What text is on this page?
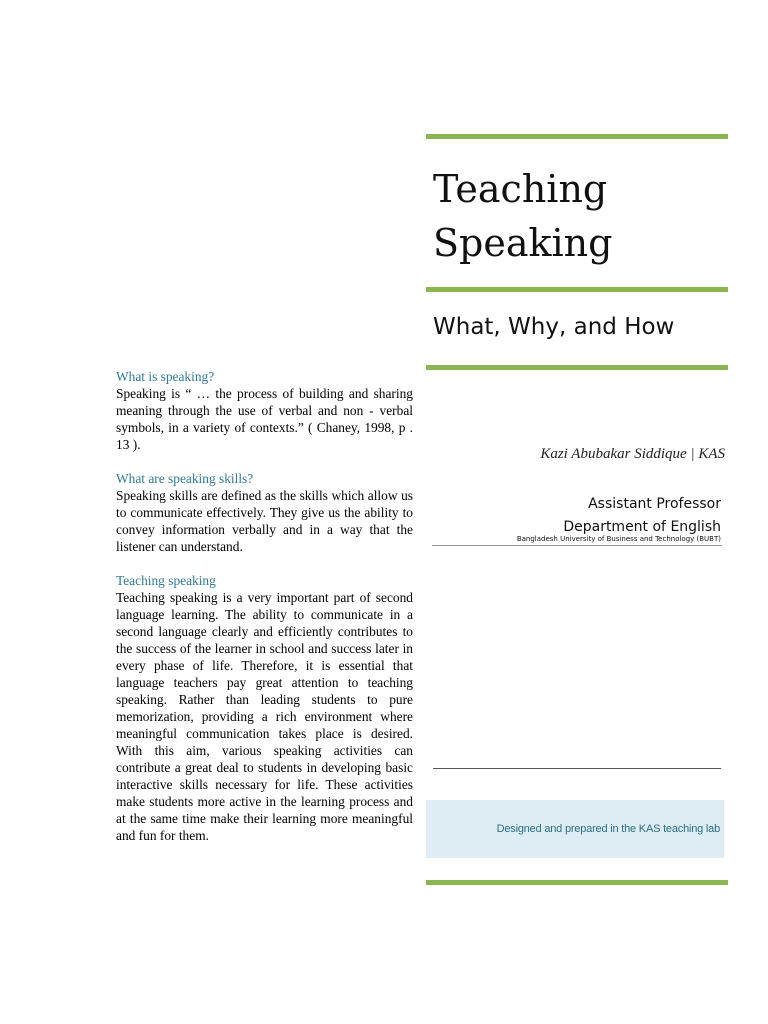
Teaching
Speaking
What, Why, and How
Kazi Abubakar Siddique | KAS
Assistant Professor
Department of English
Bangladesh University of Business and Technology (BUBT)
Designed and prepared in the KAS teaching lab
What is speaking?

Speaking is “ … the process of building and sharing meaning through the use of verbal and non - verbal symbols, in a variety of contexts.” ( Chaney, 1998, p . 13 ).

What are speaking skills?

Speaking skills are defined as the skills which allow us to communicate effectively. They give us the ability to convey information verbally and in a way that the listener can understand.

Teaching speaking

Teaching speaking is a very important part of second language learning. The ability to communicate in a second language clearly and efficiently contributes to the success of the learner in school and success later in every phase of life. Therefore, it is essential that language teachers pay great attention to teaching speaking. Rather than leading students to pure memorization, providing a rich environment where meaningful communication takes place is desired. With this aim, various speaking activities can contribute a great deal to students in developing basic interactive skills necessary for life. These activities make students more active in the learning process and at the same time make their learning more meaningful and fun for them.
